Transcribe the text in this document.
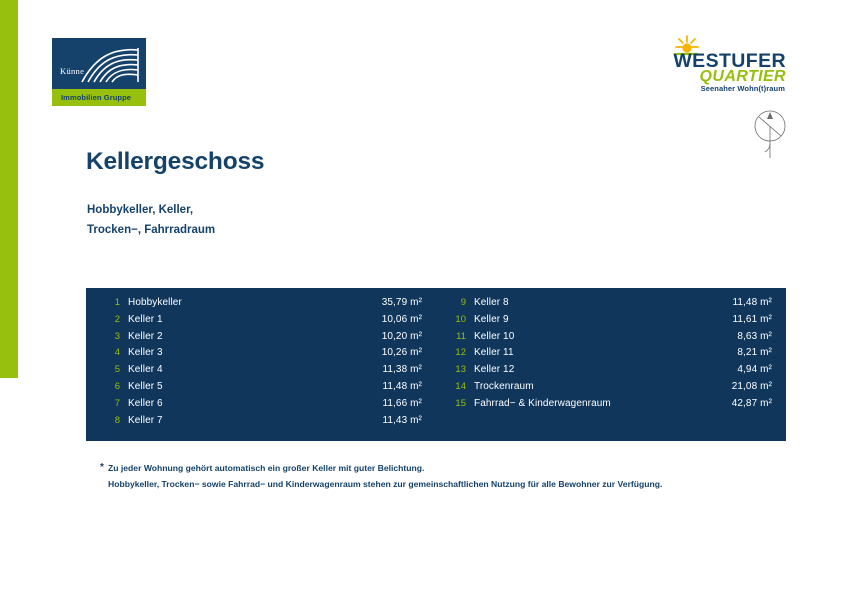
Künne
Immobilien Gruppe
WESTUFER
QUARTIER
Seenaher Wohn(t)raum
Kellergeschoss
Hobbykeller, Keller,
Trocken−, Fahrradraum
1 Hobbykeller	35,79 m²
2 Keller 1	10,06 m²
3 Keller 2	10,20 m²
4 Keller 3	10,26 m²
5 Keller 4	11,38 m²
6 Keller 5	11,48 m²
7 Keller 6	11,66 m²
8 Keller 7	11,43 m²
9 Keller 8	11,48 m²
10 Keller 9	11,61 m²
11 Keller 10	8,63 m²
12 Keller 11	8,21 m²
13 Keller 12	4,94 m²
14 Trockenraum	21,08 m²
15 Fahrrad− & Kinderwagenraum	42,87 m²
* Zu jeder Wohnung gehört automatisch ein großer Keller mit guter Belichtung.
Hobbykeller, Trocken− sowie Fahrrad− und Kinderwagenraum stehen zur gemeinschaftlichen Nutzung für alle Bewohner zur Verfügung.
